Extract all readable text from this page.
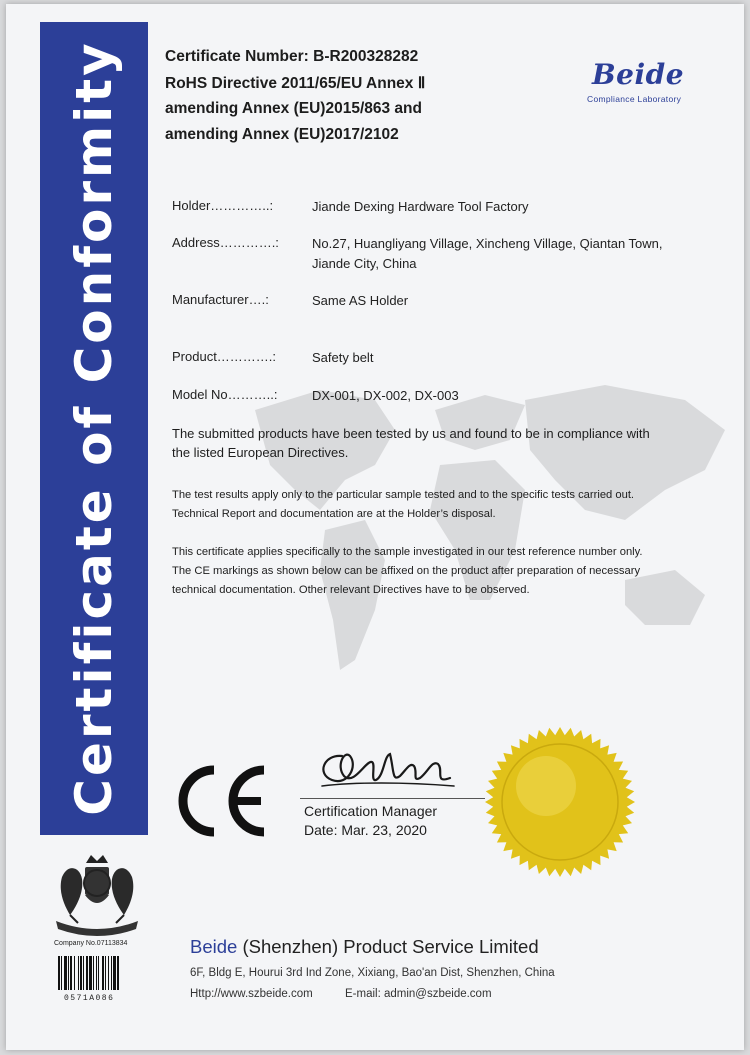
Certificate of Conformity	Certificate Number: B-R200328282
RoHS Directive 2011/65/EU Annex Ⅱ
amending Annex (EU)2015/863 and
amending Annex (EU)2017/2102
Beide
Compliance Laboratory
Holder…………..:	Jiande Dexing Hardware Tool Factory
Address………….:	No.27, Huangliyang Village, Xincheng Village, Qiantan Town,
Jiande City, China
Manufacturer….:	Same AS Holder
Product………….:	Safety belt
Model No………..:	DX-001, DX-002, DX-003
The submitted products have been tested by us and found to be in compliance with
the listed European Directives.
The test results apply only to the particular sample tested and to the specific tests carried out.
Technical Report and documentation are at the Holder’s disposal.
This certificate applies specifically to the sample investigated in our test reference number only.
The CE markings as shown below can be affixed on the product after preparation of necessary
technical documentation. Other relevant Directives have to be observed.
Certification Manager
Date: Mar. 23, 2020
Company No.07113834
0571A086
Beide (Shenzhen) Product Service Limited
6F, Bldg E, Hourui 3rd Ind Zone, Xixiang, Bao'an Dist, Shenzhen, China
Http://www.szbeide.com	E-mail: admin@szbeide.com
